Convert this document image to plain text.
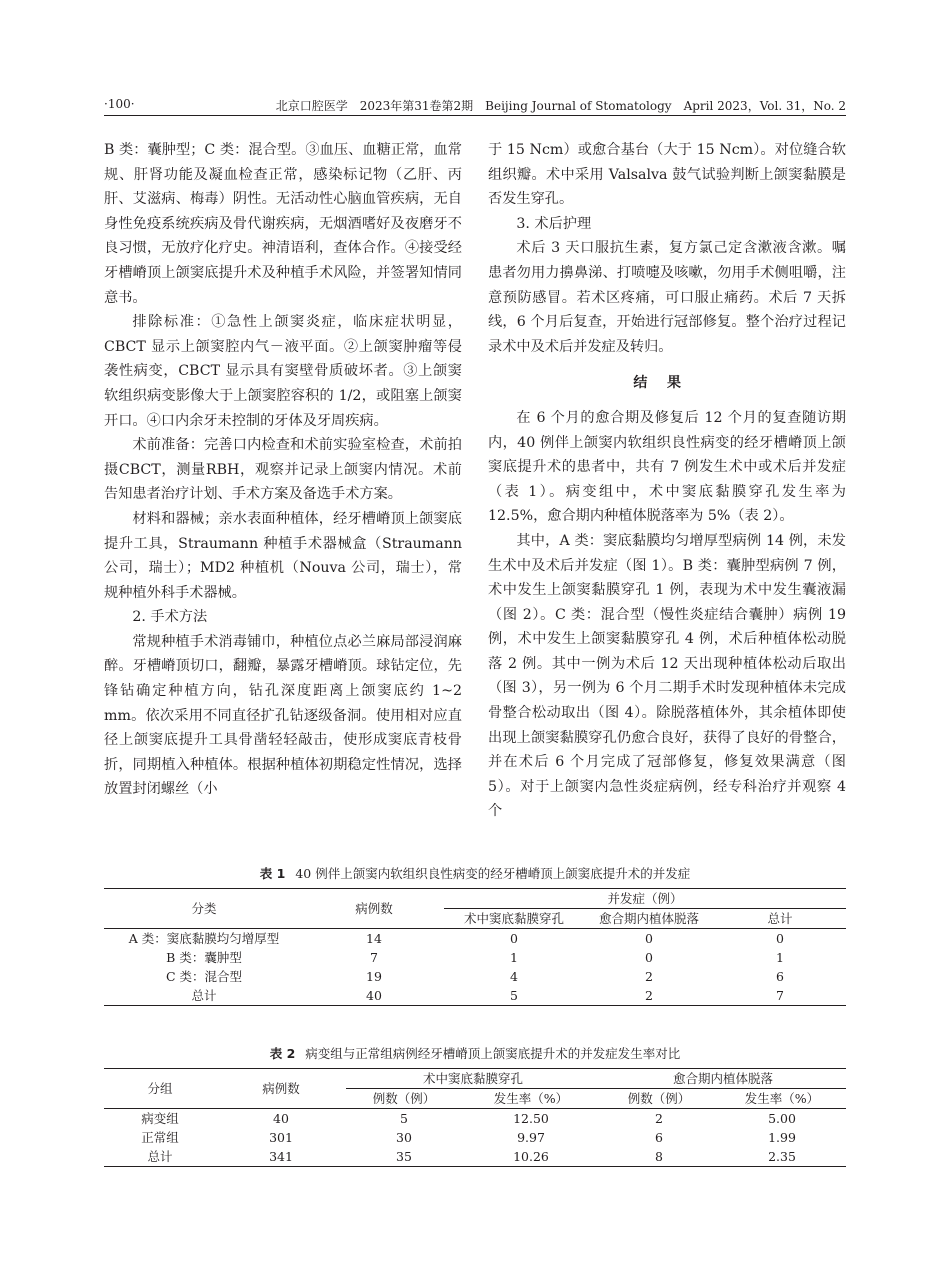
·100·	北京口腔医学　2023年第31卷第2期　Beijing Journal of Stomatology　April 2023，Vol. 31，No. 2

B 类：囊肿型；C 类：混合型。③血压、血糖正常，血常规、肝肾功能及凝血检查正常，感染标记物（乙肝、丙肝、艾滋病、梅毒）阴性。无活动性心脑血管疾病，无自身性免疫系统疾病及骨代谢疾病，无烟酒嗜好及夜磨牙不良习惯，无放疗化疗史。神清语利，查体合作。④接受经牙槽嵴顶上颌窦底提升术及种植手术风险，并签署知情同意书。

排除标准：①急性上颌窦炎症，临床症状明显，CBCT 显示上颌窦腔内气－液平面。②上颌窦肿瘤等侵袭性病变，CBCT 显示具有窦壁骨质破坏者。③上颌窦软组织病变影像大于上颌窦腔容积的 1/2，或阻塞上颌窦开口。④口内余牙未控制的牙体及牙周疾病。

术前准备：完善口内检查和术前实验室检查，术前拍摄CBCT，测量RBH，观察并记录上颌窦内情况。术前告知患者治疗计划、手术方案及备选手术方案。

材料和器械；亲水表面种植体，经牙槽嵴顶上颌窦底提升工具，Straumann 种植手术器械盒（Straumann 公司，瑞士）；MD2 种植机（Nouva 公司，瑞士），常规种植外科手术器械。

2. 手术方法

常规种植手术消毒铺巾，种植位点必兰麻局部浸润麻醉。牙槽嵴顶切口，翻瓣，暴露牙槽嵴顶。球钻定位，先锋钻确定种植方向，钻孔深度距离上颌窦底约 1~2 mm。依次采用不同直径扩孔钻逐级备洞。使用相对应直径上颌窦底提升工具骨凿轻轻敲击，使形成窦底青枝骨折，同期植入种植体。根据种植体初期稳定性情况，选择放置封闭螺丝（小

于 15 Ncm）或愈合基台（大于 15 Ncm）。对位缝合软组织瓣。术中采用 Valsalva 鼓气试验判断上颌窦黏膜是否发生穿孔。

3. 术后护理

术后 3 天口服抗生素，复方氯己定含漱液含漱。嘱患者勿用力擤鼻涕、打喷嚏及咳嗽，勿用手术侧咀嚼，注意预防感冒。若术区疼痛，可口服止痛药。术后 7 天拆线，6 个月后复查，开始进行冠部修复。整个治疗过程记录术中及术后并发症及转归。

结果

在 6 个月的愈合期及修复后 12 个月的复查随访期内，40 例伴上颌窦内软组织良性病变的经牙槽嵴顶上颌窦底提升术的患者中，共有 7 例发生术中或术后并发症（表 1）。病变组中，术中窦底黏膜穿孔发生率为 12.5%，愈合期内种植体脱落率为 5%（表 2）。

其中，A 类：窦底黏膜均匀增厚型病例 14 例，未发生术中及术后并发症（图 1）。B 类：囊肿型病例 7 例，术中发生上颌窦黏膜穿孔 1 例，表现为术中发生囊液漏（图 2）。C 类：混合型（慢性炎症结合囊肿）病例 19 例，术中发生上颌窦黏膜穿孔 4 例，术后种植体松动脱落 2 例。其中一例为术后 12 天出现种植体松动后取出（图 3），另一例为 6 个月二期手术时发现种植体未完成骨整合松动取出（图 4）。除脱落植体外，其余植体即使出现上颌窦黏膜穿孔仍愈合良好，获得了良好的骨整合，并在术后 6 个月完成了冠部修复，修复效果满意（图 5）。对于上颌窦内急性炎症病例，经专科治疗并观察 4 个

表 1 40 例伴上颌窦内软组织良性病变的经牙槽嵴顶上颌窦底提升术的并发症
分类	病例数	并发症（例）		
		术中窦底黏膜穿孔	愈合期内植体脱落	总计
A 类：窦底黏膜均匀增厚型	14	0	0	0
B 类：囊肿型	7	1	0	1
C 类：混合型	19	4	2	6
总计	40	5	2	7
表 2 病变组与正常组病例经牙槽嵴顶上颌窦底提升术的并发症发生率对比
分组	病例数	术中窦底黏膜穿孔		愈合期内植体脱落	
		例数（例）	发生率（%）	例数（例）	发生率（%）
病变组	40	5	12.50	2	5.00
正常组	301	30	9.97	6	1.99
总计	341	35	10.26	8	2.35
